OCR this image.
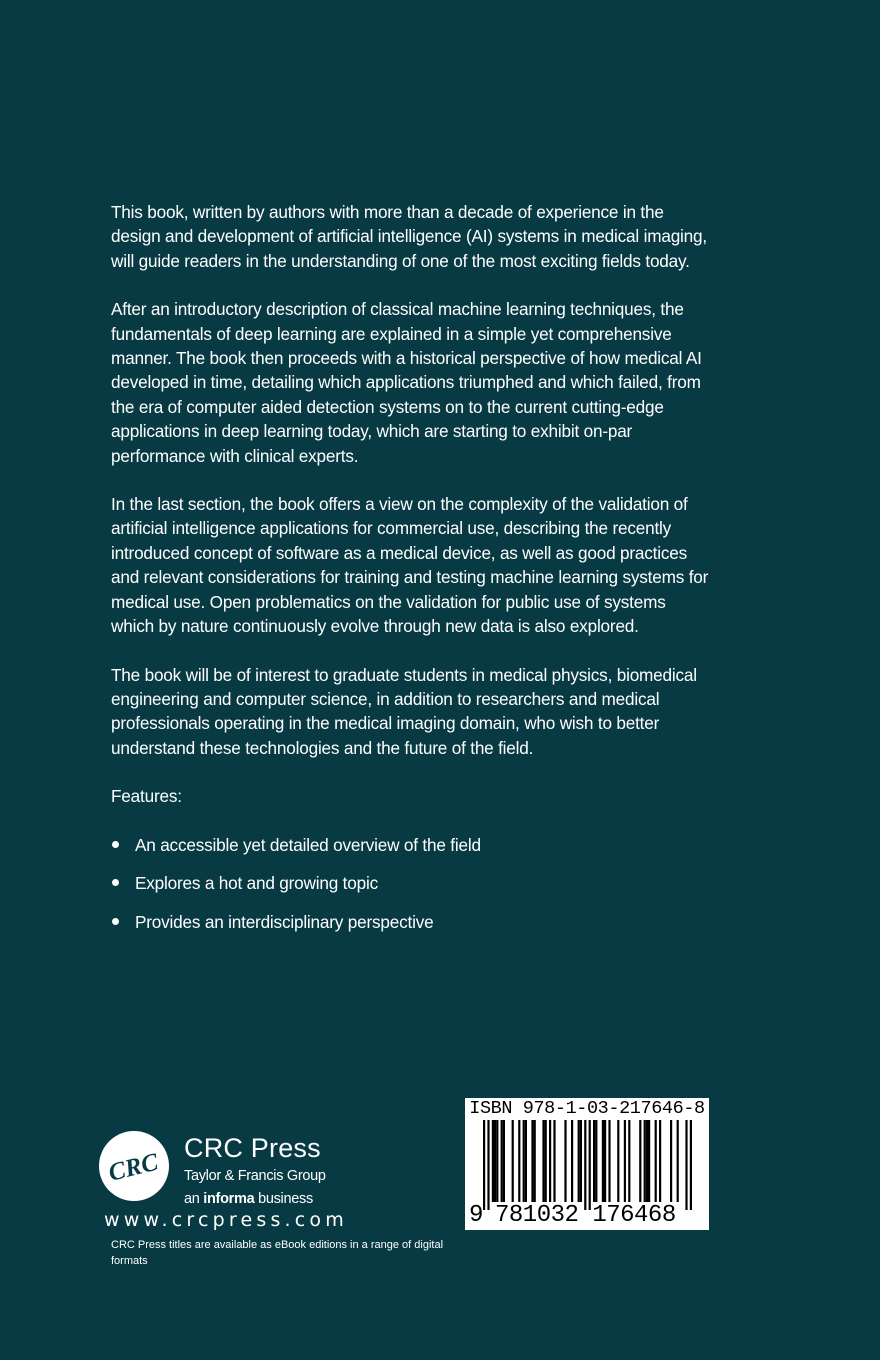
This book, written by authors with more than a decade of experience in the design and development of artificial intelligence (AI) systems in medical imaging, will guide readers in the understanding of one of the most exciting fields today.

After an introductory description of classical machine learning techniques, the fundamentals of deep learning are explained in a simple yet comprehensive manner. The book then proceeds with a historical perspective of how medical AI developed in time, detailing which applications triumphed and which failed, from the era of computer aided detection systems on to the current cutting-edge applications in deep learning today, which are starting to exhibit on-par performance with clinical experts.

In the last section, the book offers a view on the complexity of the validation of artificial intelligence applications for commercial use, describing the recently introduced concept of software as a medical device, as well as good practices and relevant considerations for training and testing machine learning systems for medical use. Open problematics on the validation for public use of systems which by nature continuously evolve through new data is also explored.

The book will be of interest to graduate students in medical physics, biomedical engineering and computer science, in addition to researchers and medical professionals operating in the medical imaging domain, who wish to better understand these technologies and the future of the field.

Features:

An accessible yet detailed overview of the field
Explores a hot and growing topic
Provides an interdisciplinary perspective
CRC
CRC Press
Taylor & Francis Group
an informa business
www.crcpress.com
CRC Press titles are available as eBook editions in a range of digital formats
ISBN 978-1-03-217646-8
9 781032 176468
